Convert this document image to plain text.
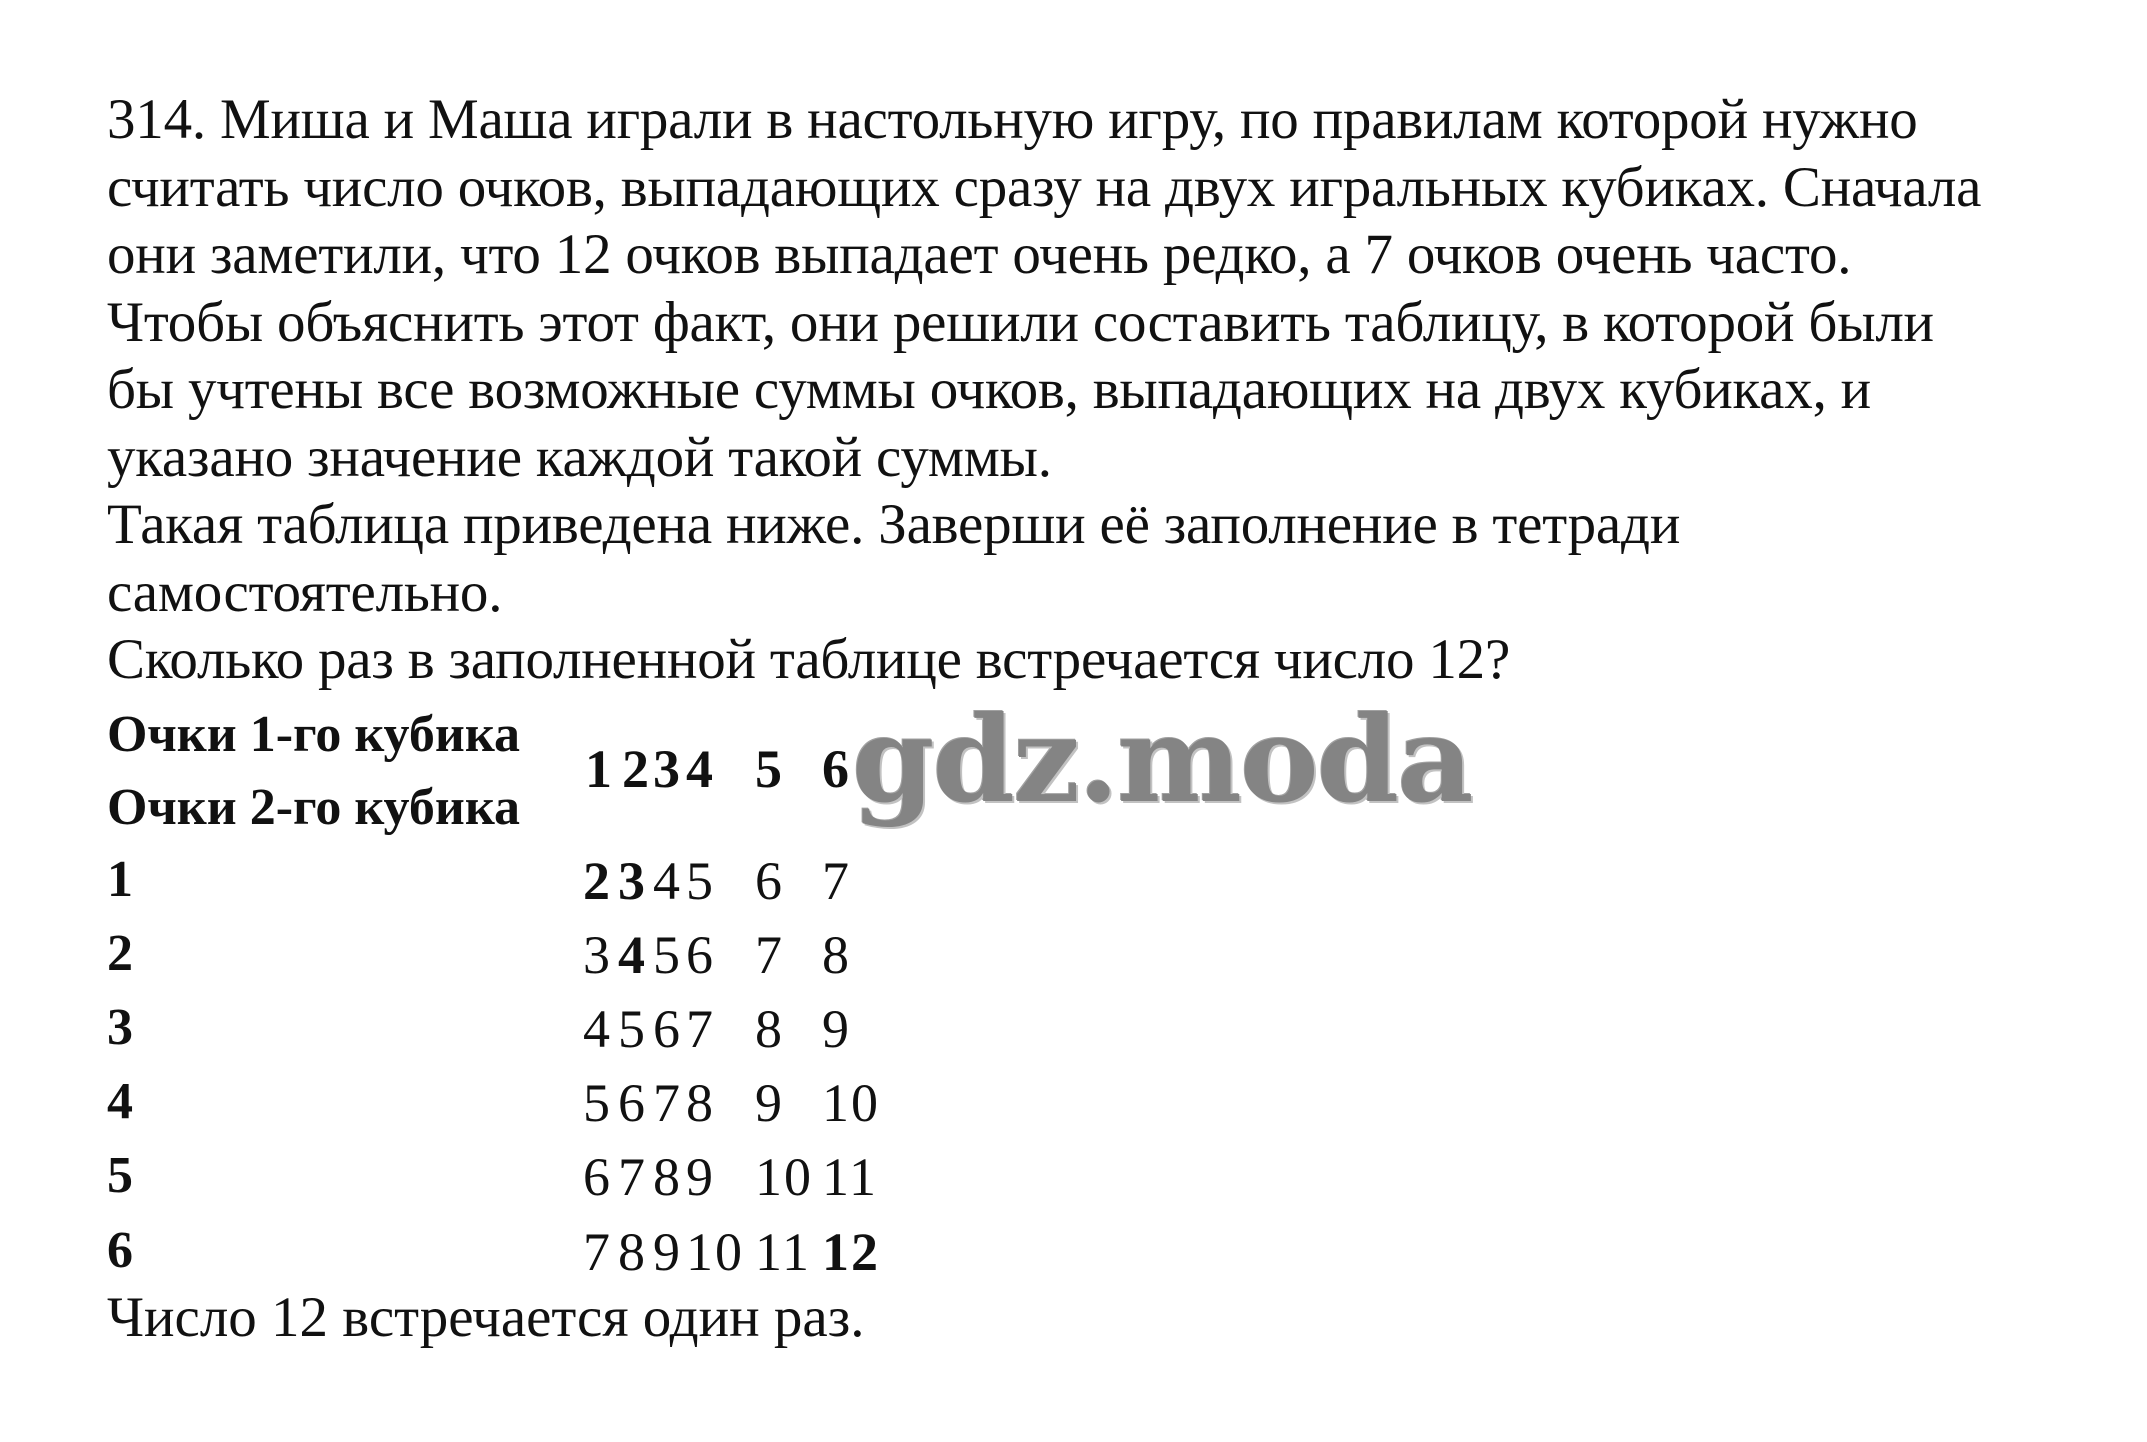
314. Миша и Маша играли в настольную игру, по правилам которой нужно
считать число очков, выпадающих сразу на двух игральных кубиках. Сначала
они заметили, что 12 очков выпадает очень редко, а 7 очков очень часто.
Чтобы объяснить этот факт, они решили составить таблицу, в которой были
бы учтены все возможные суммы очков, выпадающих на двух кубиках, и
указано значение каждой такой суммы.
Такая таблица приведена ниже. Заверши её заполнение в тетради
самостоятельно.
Сколько раз в заполненной таблице встречается число 12?
Очки 1-го кубика
Очки 2-го кубика
1 2 3 4 5 6
1
2
3
4
5
6
2 3 4 5 6 7
3 4 5 6 7 8
4 5 6 7 8 9
5 6 7 8 9 10
6 7 8 9 10 11
7 8 9 10 11 12
Число 12 встречается один раз.
gdz.moda
